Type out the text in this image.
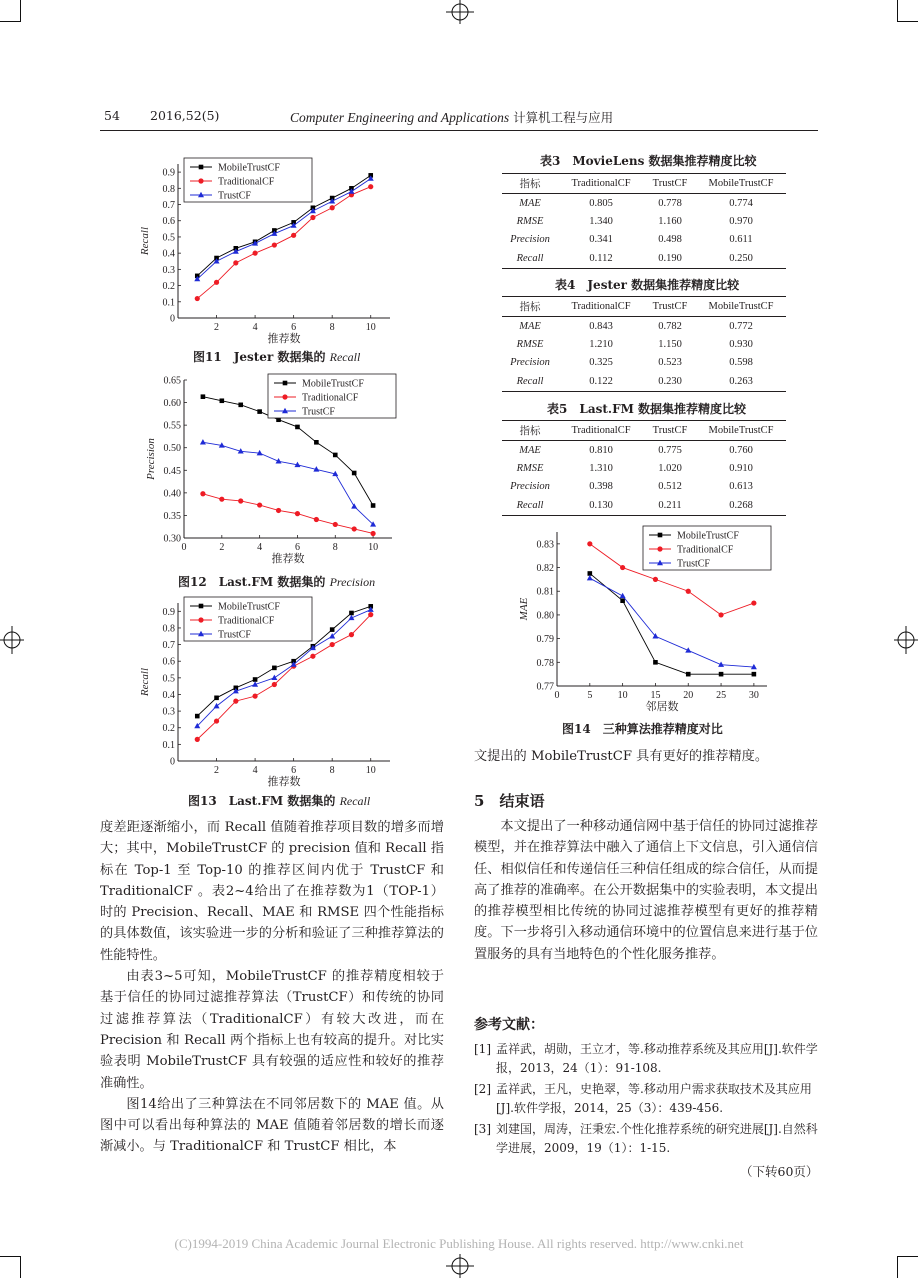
54 2016,52(5)	Computer Engineering and Applications 计算机工程与应用
0
0.1
0.2
0.3
0.4
0.5
0.6
0.7
0.8
0.9
2	4	6	8	10
推荐数
Recall
MobileTrustCF
TraditionalCF
TrustCF
图11　Jester 数据集的 Recall
0.30
0.35
0.40
0.45
0.50
0.55
0.60
0.65
0	2	4	6	8	10
推荐数
Precision
MobileTrustCF
TraditionalCF
TrustCF
图12　Last.FM 数据集的 Precision
0
0.1
0.2
0.3
0.4
0.5
0.6
0.7
0.8
0.9
2	4	6	8	10
推荐数
Recall
MobileTrustCF
TraditionalCF
TrustCF
图13　Last.FM 数据集的 Recall

度差距逐渐缩小，而 Recall 值随着推荐项目数的增多而增大；其中，MobileTrustCF 的 precision 值和 Recall 指标在 Top-1 至 Top-10 的推荐区间内优于 TrustCF 和 TraditionalCF 。表2~4给出了在推荐数为1（TOP-1）时的 Precision、Recall、MAE 和 RMSE 四个性能指标的具体数值，该实验进一步的分析和验证了三种推荐算法的性能特性。

由表3~5可知，MobileTrustCF 的推荐精度相较于基于信任的协同过滤推荐算法（TrustCF）和传统的协同过滤推荐算法（TraditionalCF）有较大改进，而在 Precision 和 Recall 两个指标上也有较高的提升。对比实验表明 MobileTrustCF 具有较强的适应性和较好的推荐准确性。

图14给出了三种算法在不同邻居数下的 MAE 值。从图中可以看出每种算法的 MAE 值随着邻居数的增长而逐渐减小。与 TraditionalCF 和 TrustCF 相比，本

表3　 MovieLens 数据集推荐精度比较
指标	TraditionalCF	TrustCF	MobileTrustCF
MAE	0.805	0.778	0.774
RMSE	1.340	1.160	0.970
Precision	0.341	0.498	0.611
Recall	0.112	0.190	0.250
表4　 Jester 数据集推荐精度比较
指标	TraditionalCF	TrustCF	MobileTrustCF
MAE	0.843	0.782	0.772
RMSE	1.210	1.150	0.930
Precision	0.325	0.523	0.598
Recall	0.122	0.230	0.263
表5　 Last.FM 数据集推荐精度比较
指标	TraditionalCF	TrustCF	MobileTrustCF
MAE	0.810	0.775	0.760
RMSE	1.310	1.020	0.910
Precision	0.398	0.512	0.613
Recall	0.130	0.211	0.268
0.77
0.78
0.79
0.80
0.81
0.82
0.83
0	5	10 15 20 25 30
邻居数
MAE
MobileTrustCF
TraditionalCF
TrustCF
图14　三种算法推荐精度对比

文提出的 MobileTrustCF 具有更好的推荐精度。

5　 结束语

本文提出了一种移动通信网中基于信任的协同过滤推荐模型，并在推荐算法中融入了通信上下文信息，引入通信信任、相似信任和传递信任三种信任组成的综合信任，从而提高了推荐的准确率。在公开数据集中的实验表明，本文提出的推荐模型相比传统的协同过滤推荐模型有更好的推荐精度。下一步将引入移动通信环境中的位置信息来进行基于位置服务的具有当地特色的个性化服务推荐。

参考文献：
[1] 孟祥武，胡勋，王立才，等.移动推荐系统及其应用[J].软件学报，2013，24（1）：91-108.
[2] 孟祥武，王凡，史艳翠，等.移动用户需求获取技术及其应用[J].软件学报，2014，25（3）：439-456.
[3] 刘建国，周涛，汪秉宏.个性化推荐系统的研究进展[J].自然科学进展，2009，19（1）：1-15.
（下转60页）
(C)1994-2019 China Academic Journal Electronic Publishing House. All rights reserved. http://www.cnki.net
